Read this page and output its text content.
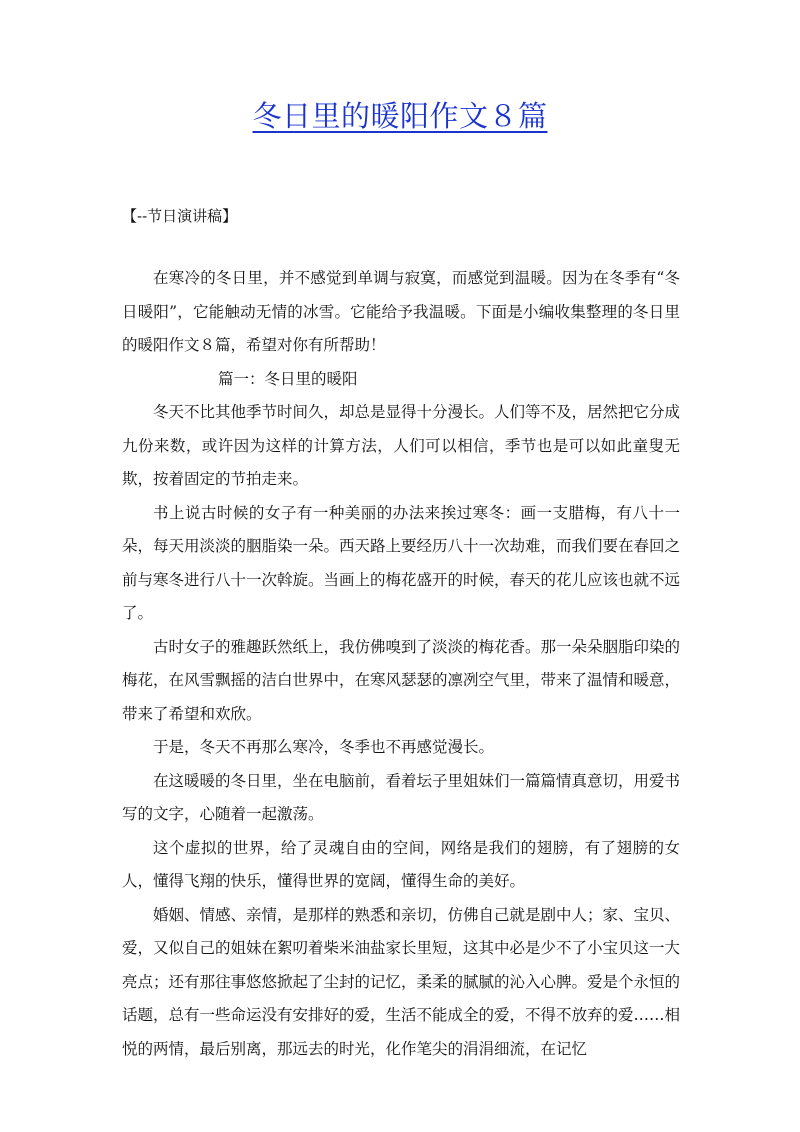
冬日里的暖阳作文８篇
【--节日演讲稿】

在寒冷的冬日里，并不感觉到单调与寂寞，而感觉到温暖。因为在冬季有“冬日暖阳”，它能触动无情的冰雪。它能给予我温暖。下面是小编收集整理的冬日里的暖阳作文８篇，希望对你有所帮助！

篇一：冬日里的暖阳

冬天不比其他季节时间久，却总是显得十分漫长。人们等不及，居然把它分成九份来数，或许因为这样的计算方法，人们可以相信，季节也是可以如此童叟无欺，按着固定的节拍走来。

书上说古时候的女子有一种美丽的办法来挨过寒冬：画一支腊梅，有八十一朵，每天用淡淡的胭脂染一朵。西天路上要经历八十一次劫难，而我们要在春回之前与寒冬进行八十一次斡旋。当画上的梅花盛开的时候，春天的花儿应该也就不远了。

古时女子的雅趣跃然纸上，我仿佛嗅到了淡淡的梅花香。那一朵朵胭脂印染的梅花，在风雪飘摇的洁白世界中，在寒风瑟瑟的凛冽空气里，带来了温情和暖意，带来了希望和欢欣。

于是，冬天不再那么寒冷，冬季也不再感觉漫长。

在这暖暖的冬日里，坐在电脑前，看着坛子里姐妹们一篇篇情真意切，用爱书写的文字，心随着一起激荡。

这个虚拟的世界，给了灵魂自由的空间，网络是我们的翅膀，有了翅膀的女人，懂得飞翔的快乐，懂得世界的宽阔，懂得生命的美好。

婚姻、情感、亲情，是那样的熟悉和亲切，仿佛自己就是剧中人；家、宝贝、爱，又似自己的姐妹在絮叨着柴米油盐家长里短，这其中必是少不了小宝贝这一大亮点；还有那往事悠悠掀起了尘封的记忆，柔柔的腻腻的沁入心脾。爱是个永恒的话题，总有一些命运没有安排好的爱，生活不能成全的爱，不得不放弃的爱……相悦的两情，最后别离，那远去的时光，化作笔尖的涓涓细流，在记忆
